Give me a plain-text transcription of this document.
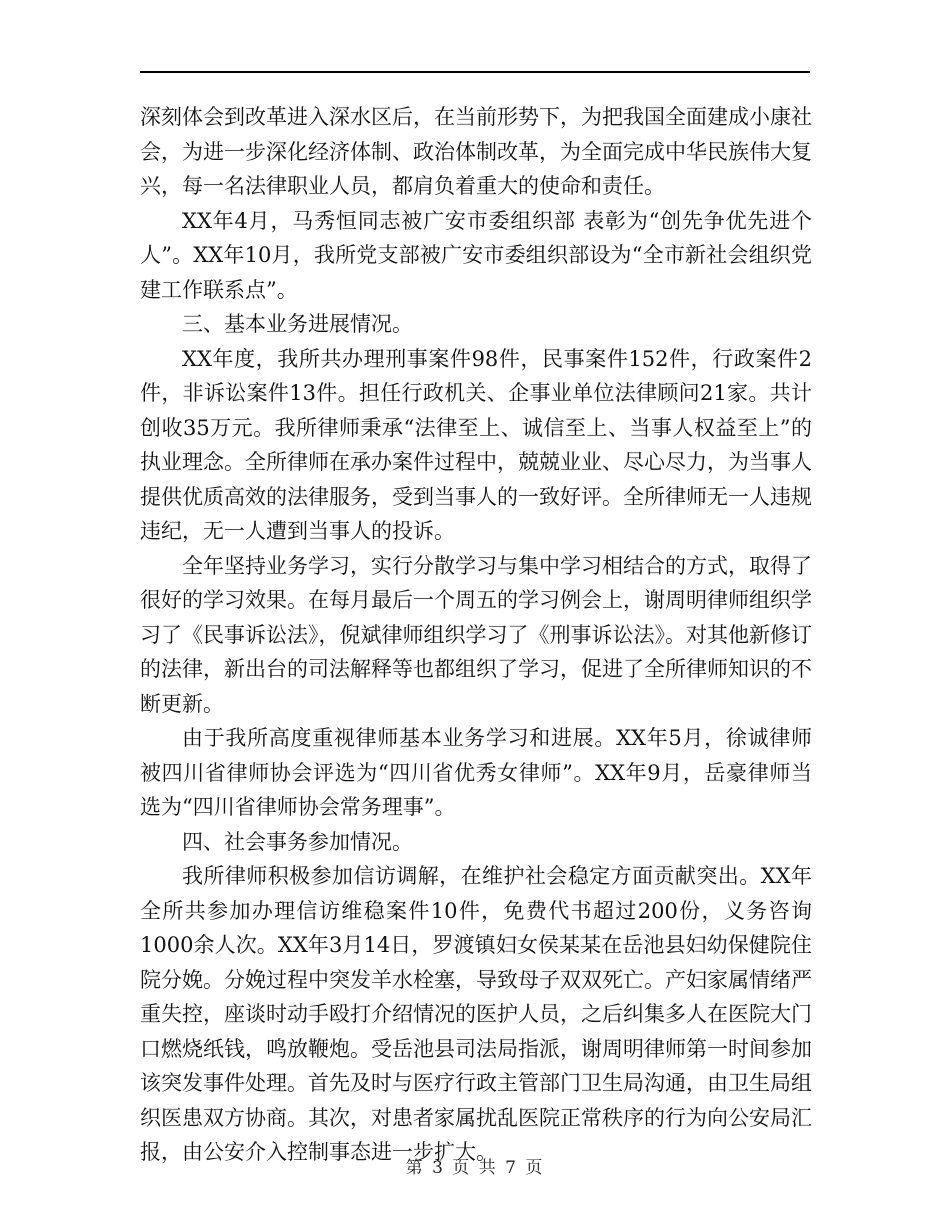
深刻体会到改革进入深水区后，在当前形势下，为把我国全面建成小康社会，为进一步深化经济体制、政治体制改革，为全面完成中华民族伟大复兴，每一名法律职业人员，都肩负着重大的使命和责任。

XX年4月，马秀恒同志被广安市委组织部 表彰为“创先争优先进个人”。XX年10月，我所党支部被广安市委组织部设为“全市新社会组织党建工作联系点”。

三、基本业务进展情况。

XX年度，我所共办理刑事案件98件，民事案件152件，行政案件2件，非诉讼案件13件。担任行政机关、企事业单位法律顾问21家。共计创收35万元。我所律师秉承“法律至上、诚信至上、当事人权益至上”的执业理念。全所律师在承办案件过程中，兢兢业业、尽心尽力，为当事人提供优质高效的法律服务，受到当事人的一致好评。全所律师无一人违规违纪，无一人遭到当事人的投诉。

全年坚持业务学习，实行分散学习与集中学习相结合的方式，取得了很好的学习效果。在每月最后一个周五的学习例会上，谢周明律师组织学习了《民事诉讼法》，倪斌律师组织学习了《刑事诉讼法》。对其他新修订的法律，新出台的司法解释等也都组织了学习，促进了全所律师知识的不断更新。

由于我所高度重视律师基本业务学习和进展。XX年5月，徐诚律师被四川省律师协会评选为“四川省优秀女律师”。XX年9月，岳豪律师当选为“四川省律师协会常务理事”。

四、社会事务参加情况。

我所律师积极参加信访调解，在维护社会稳定方面贡献突出。XX年全所共参加办理信访维稳案件10件，免费代书超过200份，义务咨询1000余人次。XX年3月14日，罗渡镇妇女侯某某在岳池县妇幼保健院住院分娩。分娩过程中突发羊水栓塞，导致母子双双死亡。产妇家属情绪严重失控，座谈时动手殴打介绍情况的医护人员，之后纠集多人在医院大门口燃烧纸钱，鸣放鞭炮。受岳池县司法局指派，谢周明律师第一时间参加该突发事件处理。首先及时与医疗行政主管部门卫生局沟通，由卫生局组织医患双方协商。其次，对患者家属扰乱医院正常秩序的行为向公安局汇报，由公安介入控制事态进一步扩大。

第 3 页 共 7 页
